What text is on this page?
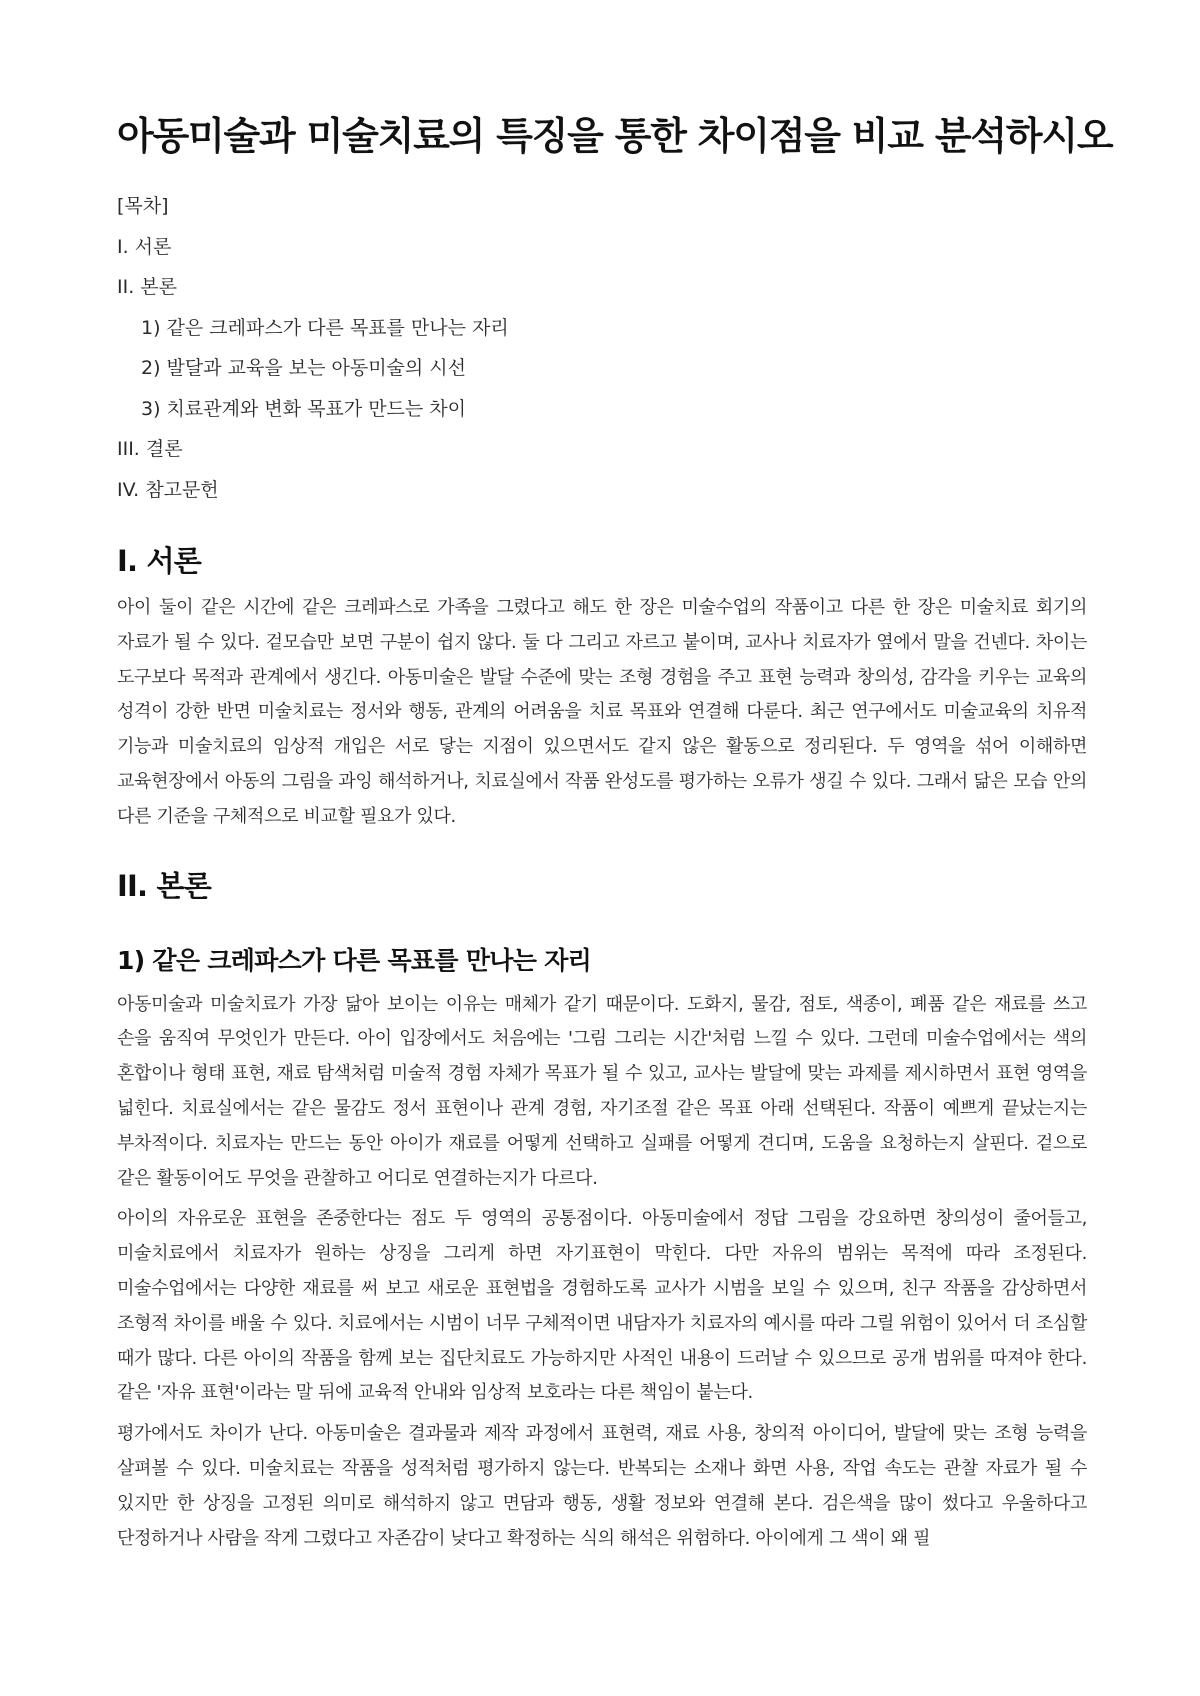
아동미술과 미술치료의 특징을 통한 차이점을 비교 분석하시오
[목차]
I. 서론
II. 본론
1) 같은 크레파스가 다른 목표를 만나는 자리
2) 발달과 교육을 보는 아동미술의 시선
3) 치료관계와 변화 목표가 만드는 차이
III. 결론
IV. 참고문헌
I. 서론

아이 둘이 같은 시간에 같은 크레파스로 가족을 그렸다고 해도 한 장은 미술수업의 작품이고 다른 한 장은 미술치료 회기의 자료가 될 수 있다. 겉모습만 보면 구분이 쉽지 않다. 둘 다 그리고 자르고 붙이며, 교사나 치료자가 옆에서 말을 건넨다. 차이는 도구보다 목적과 관계에서 생긴다. 아동미술은 발달 수준에 맞는 조형 경험을 주고 표현 능력과 창의성, 감각을 키우는 교육의 성격이 강한 반면 미술치료는 정서와 행동, 관계의 어려움을 치료 목표와 연결해 다룬다. 최근 연구에서도 미술교육의 치유적 기능과 미술치료의 임상적 개입은 서로 닿는 지점이 있으면서도 같지 않은 활동으로 정리된다. 두 영역을 섞어 이해하면 교육현장에서 아동의 그림을 과잉 해석하거나, 치료실에서 작품 완성도를 평가하는 오류가 생길 수 있다. 그래서 닮은 모습 안의 다른 기준을 구체적으로 비교할 필요가 있다.

II. 본론
1) 같은 크레파스가 다른 목표를 만나는 자리

아동미술과 미술치료가 가장 닮아 보이는 이유는 매체가 같기 때문이다. 도화지, 물감, 점토, 색종이, 폐품 같은 재료를 쓰고 손을 움직여 무엇인가 만든다. 아이 입장에서도 처음에는 '그림 그리는 시간'처럼 느낄 수 있다. 그런데 미술수업에서는 색의 혼합이나 형태 표현, 재료 탐색처럼 미술적 경험 자체가 목표가 될 수 있고, 교사는 발달에 맞는 과제를 제시하면서 표현 영역을 넓힌다. 치료실에서는 같은 물감도 정서 표현이나 관계 경험, 자기조절 같은 목표 아래 선택된다. 작품이 예쁘게 끝났는지는 부차적이다. 치료자는 만드는 동안 아이가 재료를 어떻게 선택하고 실패를 어떻게 견디며, 도움을 요청하는지 살핀다. 겉으로 같은 활동이어도 무엇을 관찰하고 어디로 연결하는지가 다르다.

아이의 자유로운 표현을 존중한다는 점도 두 영역의 공통점이다. 아동미술에서 정답 그림을 강요하면 창의성이 줄어들고, 미술치료에서 치료자가 원하는 상징을 그리게 하면 자기표현이 막힌다. 다만 자유의 범위는 목적에 따라 조정된다. 미술수업에서는 다양한 재료를 써 보고 새로운 표현법을 경험하도록 교사가 시범을 보일 수 있으며, 친구 작품을 감상하면서 조형적 차이를 배울 수 있다. 치료에서는 시범이 너무 구체적이면 내담자가 치료자의 예시를 따라 그릴 위험이 있어서 더 조심할 때가 많다. 다른 아이의 작품을 함께 보는 집단치료도 가능하지만 사적인 내용이 드러날 수 있으므로 공개 범위를 따져야 한다. 같은 '자유 표현'이라는 말 뒤에 교육적 안내와 임상적 보호라는 다른 책임이 붙는다.

평가에서도 차이가 난다. 아동미술은 결과물과 제작 과정에서 표현력, 재료 사용, 창의적 아이디어, 발달에 맞는 조형 능력을 살펴볼 수 있다. 미술치료는 작품을 성적처럼 평가하지 않는다. 반복되는 소재나 화면 사용, 작업 속도는 관찰 자료가 될 수 있지만 한 상징을 고정된 의미로 해석하지 않고 면담과 행동, 생활 정보와 연결해 본다. 검은색을 많이 썼다고 우울하다고 단정하거나 사람을 작게 그렸다고 자존감이 낮다고 확정하는 식의 해석은 위험하다. 아이에게 그 색이 왜 필
